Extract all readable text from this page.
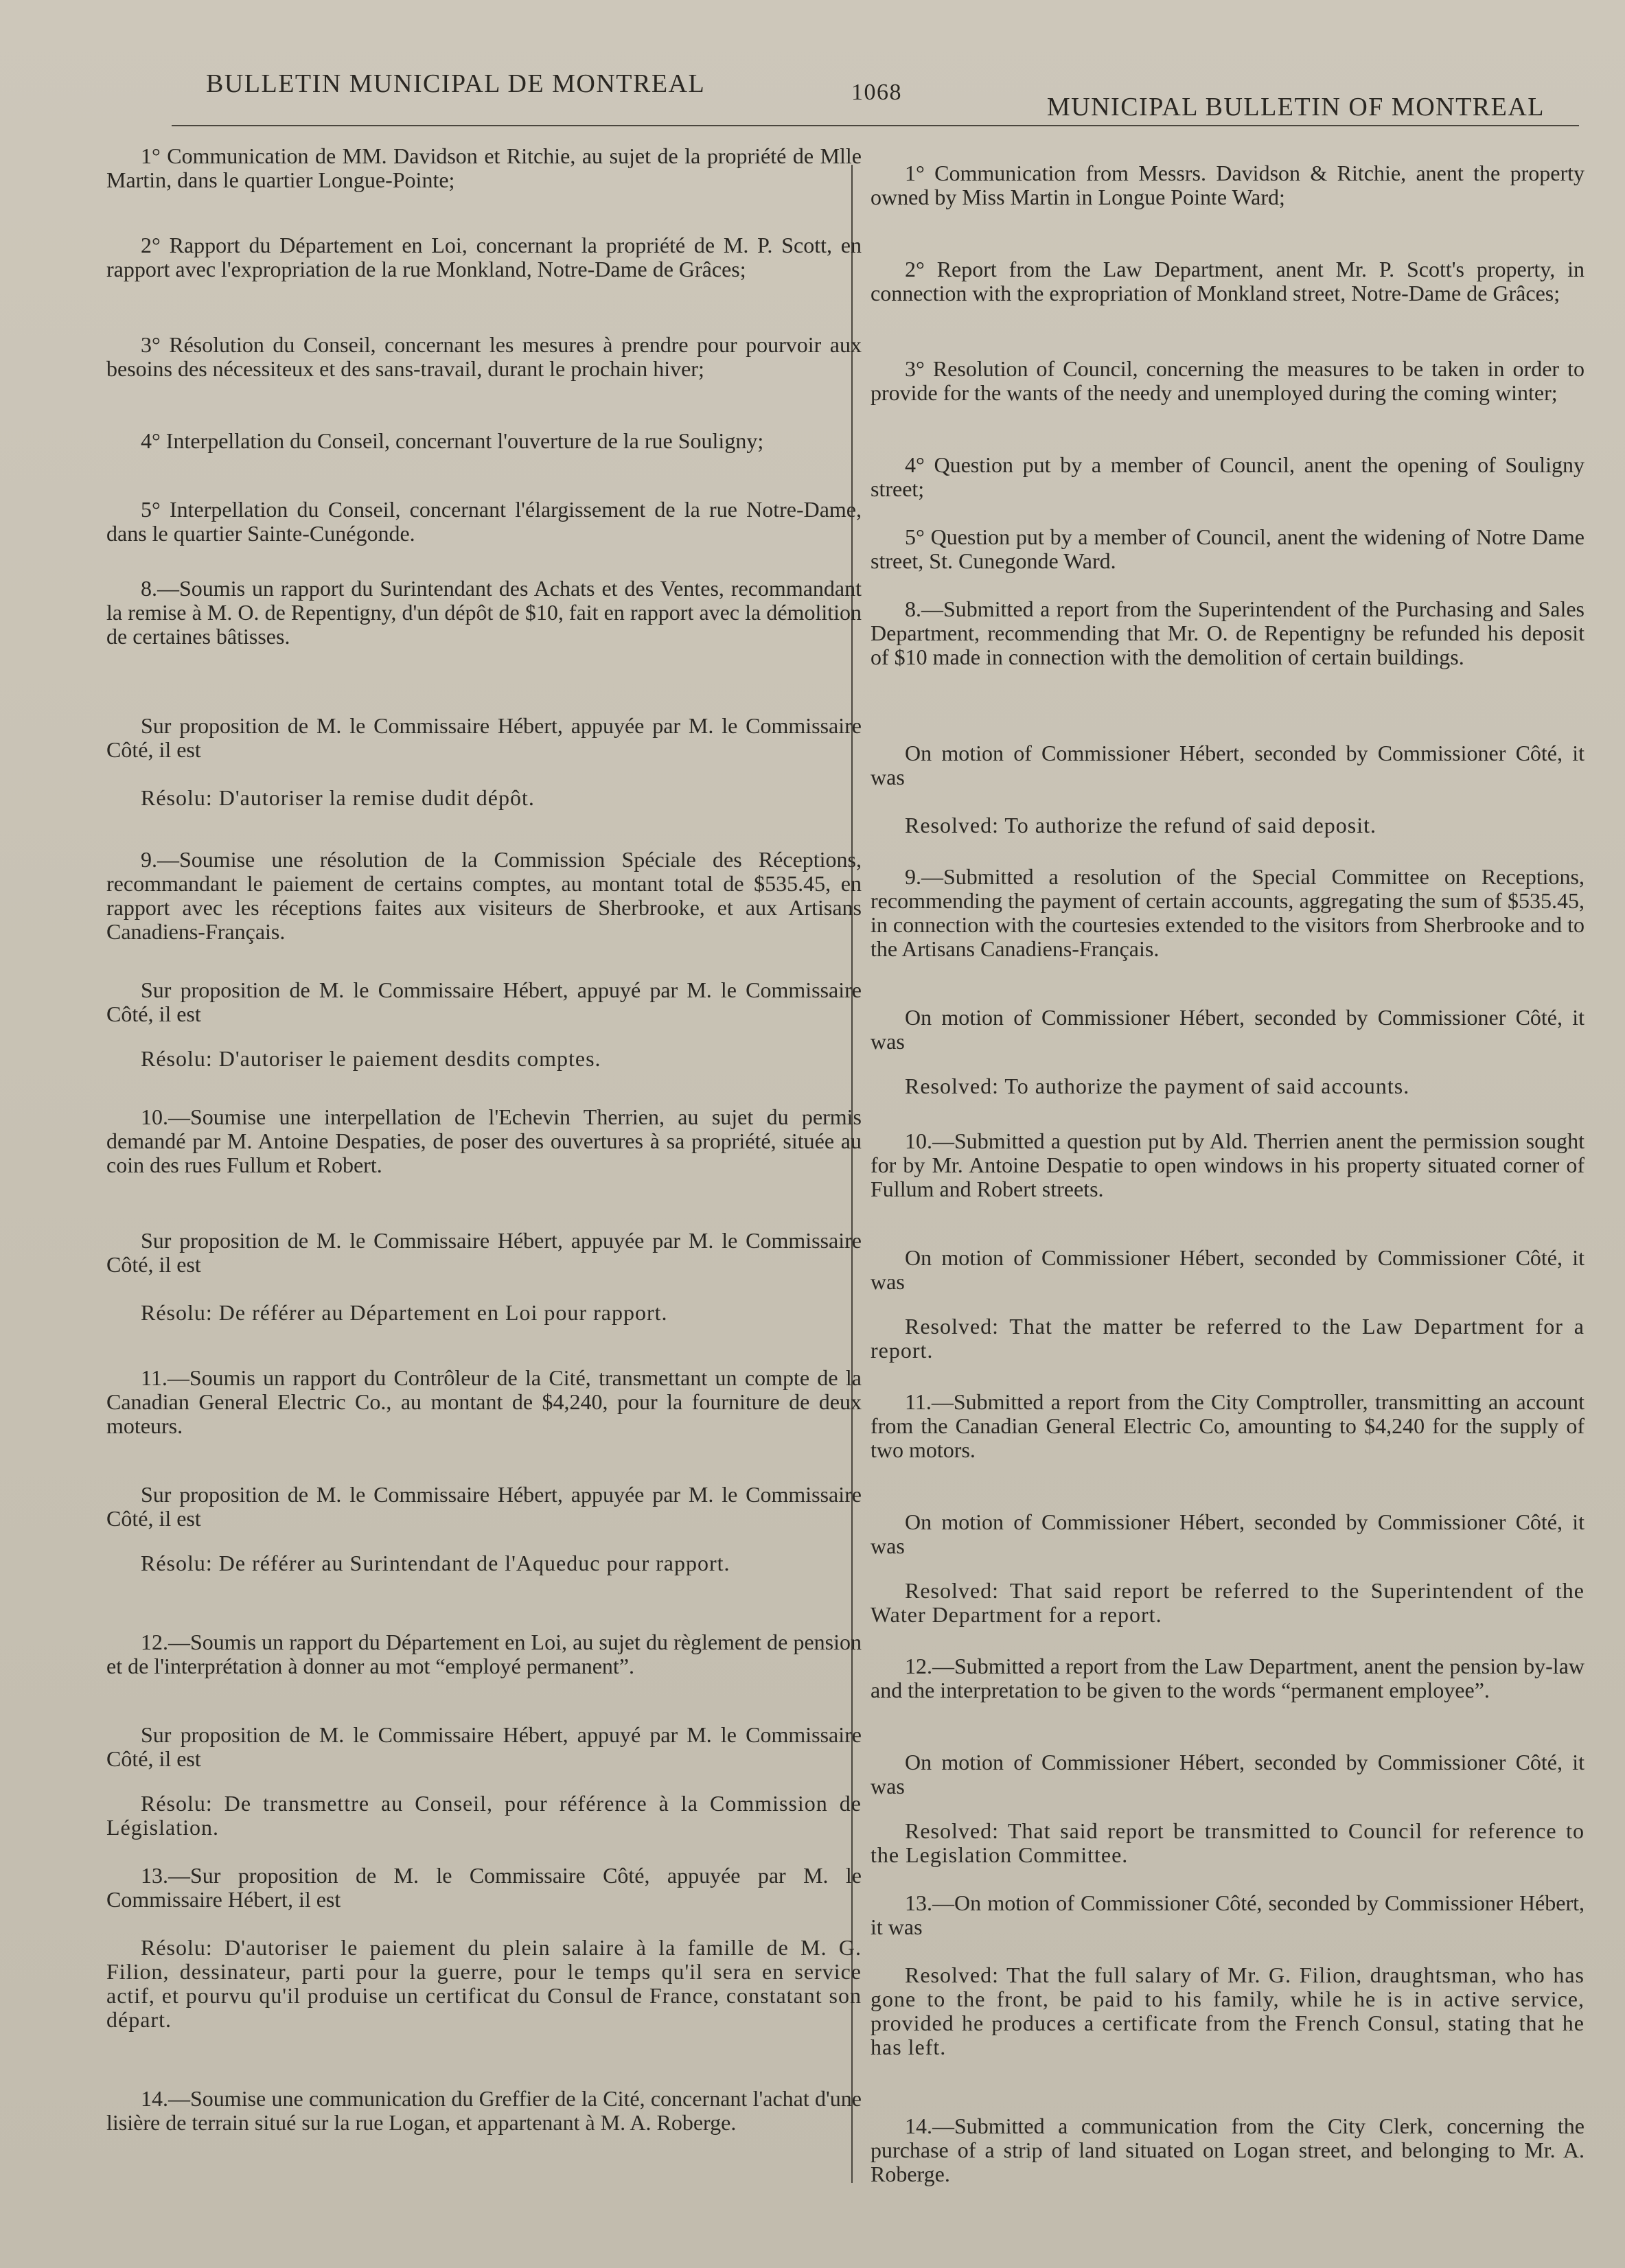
BULLETIN MUNICIPAL DE MONTREAL	1068
MUNICIPAL BULLETIN OF MONTREAL

1° Communication de MM. Davidson et Ritchie, au sujet de la propriété de Mlle Martin, dans le quartier Longue-Pointe;

2° Rapport du Département en Loi, concernant la propriété de M. P. Scott, en rapport avec l'expropriation de la rue Monkland, Notre-Dame de Grâces;

3° Résolution du Conseil, concernant les mesures à prendre pour pourvoir aux besoins des nécessiteux et des sans-travail, durant le prochain hiver;

4° Interpellation du Conseil, concernant l'ouverture de la rue Souligny;

5° Interpellation du Conseil, concernant l'élargissement de la rue Notre-Dame, dans le quartier Sainte-Cunégonde.

8.—Soumis un rapport du Surintendant des Achats et des Ventes, recommandant la remise à M. O. de Repentigny, d'un dépôt de $10, fait en rapport avec la démolition de certaines bâtisses.

Sur proposition de M. le Commissaire Hébert, appuyée par M. le Commissaire Côté, il est

Résolu: D'autoriser la remise dudit dépôt.

9.—Soumise une résolution de la Commission Spéciale des Réceptions, recommandant le paiement de certains comptes, au montant total de $535.45, en rapport avec les réceptions faites aux visiteurs de Sherbrooke, et aux Artisans Canadiens-Français.

Sur proposition de M. le Commissaire Hébert, appuyé par M. le Commissaire Côté, il est

Résolu: D'autoriser le paiement desdits comptes.

10.—Soumise une interpellation de l'Echevin Therrien, au sujet du permis demandé par M. Antoine Despaties, de poser des ouvertures à sa propriété, située au coin des rues Fullum et Robert.

Sur proposition de M. le Commissaire Hébert, appuyée par M. le Commissaire Côté, il est

Résolu: De référer au Département en Loi pour rapport.

11.—Soumis un rapport du Contrôleur de la Cité, transmettant un compte de la Canadian General Electric Co., au montant de $4,240, pour la fourniture de deux moteurs.

Sur proposition de M. le Commissaire Hébert, appuyée par M. le Commissaire Côté, il est

Résolu: De référer au Surintendant de l'Aqueduc pour rapport.

12.—Soumis un rapport du Département en Loi, au sujet du règlement de pension et de l'interprétation à donner au mot “employé permanent”.

Sur proposition de M. le Commissaire Hébert, appuyé par M. le Commissaire Côté, il est

Résolu: De transmettre au Conseil, pour référence à la Commission de Législation.

13.—Sur proposition de M. le Commissaire Côté, appuyée par M. le Commissaire Hébert, il est

Résolu: D'autoriser le paiement du plein salaire à la famille de M. G. Filion, dessinateur, parti pour la guerre, pour le temps qu'il sera en service actif, et pourvu qu'il produise un certificat du Consul de France, constatant son départ.

14.—Soumise une communication du Greffier de la Cité, concernant l'achat d'une lisière de terrain situé sur la rue Logan, et appartenant à M. A. Roberge.

1° Communication from Messrs. Davidson & Ritchie, anent the property owned by Miss Martin in Longue Pointe Ward;

2° Report from the Law Department, anent Mr. P. Scott's property, in connection with the expropriation of Monkland street, Notre-Dame de Grâces;

3° Resolution of Council, concerning the measures to be taken in order to provide for the wants of the needy and unemployed during the coming winter;

4° Question put by a member of Council, anent the opening of Souligny street;

5° Question put by a member of Council, anent the widening of Notre Dame street, St. Cunegonde Ward.

8.—Submitted a report from the Superintendent of the Purchasing and Sales Department, recommending that Mr. O. de Repentigny be refunded his deposit of $10 made in connection with the demolition of certain buildings.

On motion of Commissioner Hébert, seconded by Commissioner Côté, it was

Resolved: To authorize the refund of said deposit.

9.—Submitted a resolution of the Special Committee on Receptions, recommending the payment of certain accounts, aggregating the sum of $535.45, in connection with the courtesies extended to the visitors from Sherbrooke and to the Artisans Canadiens-Français.

On motion of Commissioner Hébert, seconded by Commissioner Côté, it was

Resolved: To authorize the payment of said accounts.

10.—Submitted a question put by Ald. Therrien anent the permission sought for by Mr. Antoine Despatie to open windows in his property situated corner of Fullum and Robert streets.

On motion of Commissioner Hébert, seconded by Commissioner Côté, it was

Resolved: That the matter be referred to the Law Department for a report.

11.—Submitted a report from the City Comptroller, transmitting an account from the Canadian General Electric Co, amounting to $4,240 for the supply of two motors.

On motion of Commissioner Hébert, seconded by Commissioner Côté, it was

Resolved: That said report be referred to the Superintendent of the Water Department for a report.

12.—Submitted a report from the Law Department, anent the pension by-law and the interpretation to be given to the words “permanent employee”.

On motion of Commissioner Hébert, seconded by Commissioner Côté, it was

Resolved: That said report be transmitted to Council for reference to the Legislation Committee.

13.—On motion of Commissioner Côté, seconded by Commissioner Hébert, it was

Resolved: That the full salary of Mr. G. Filion, draughtsman, who has gone to the front, be paid to his family, while he is in active service, provided he produces a certificate from the French Consul, stating that he has left.

14.—Submitted a communication from the City Clerk, concerning the purchase of a strip of land situated on Logan street, and belonging to Mr. A. Roberge.
